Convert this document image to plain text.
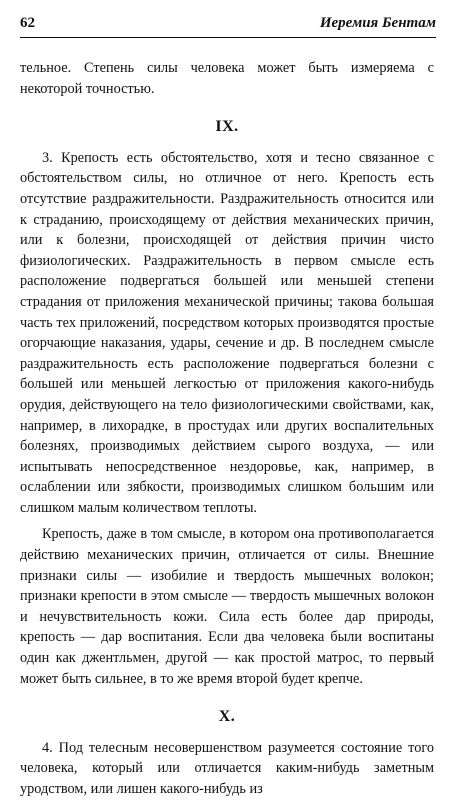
62	Иеремия Бентам

тельное. Степень силы человека может быть измеряема с некоторой точностью.

IX.

3. Крепость есть обстоятельство, хотя и тесно связанное с обстоятельством силы, но отличное от него. Крепость есть отсутствие раздражительности. Раздражительность относится или к страданию, происходящему от действия механических причин, или к болезни, происходящей от действия причин чисто физиологических. Раздражительность в первом смысле есть расположение подвергаться большей или меньшей степени страдания от приложения механической причины; такова большая часть тех приложений, посредством которых производятся простые огорчающие наказания, удары, сечение и др. В последнем смысле раздражительность есть расположение подвергаться болезни с большей или меньшей легкостью от приложения какого-нибудь орудия, действующего на тело физиологическими свойствами, как, например, в лихорадке, в простудах или других воспалительных болезнях, производимых действием сырого воздуха, — или испытывать непосредственное нездоровье, как, например, в ослаблении или зябкости, производимых слишком большим или слишком малым количеством теплоты.

Крепость, даже в том смысле, в котором она противополагается действию механических причин, отличается от силы. Внешние признаки силы — изобилие и твердость мышечных волокон; признаки крепости в этом смысле — твердость мышечных волокон и нечувствительность кожи. Сила есть более дар природы, крепость — дар воспитания. Если два человека были воспитаны один как джентльмен, другой — как простой матрос, то первый может быть сильнее, в то же время второй будет крепче.

X.

4. Под телесным несовершенством разумеется состояние того человека, который или отличается каким-нибудь заметным уродством, или лишен какого-нибудь из
